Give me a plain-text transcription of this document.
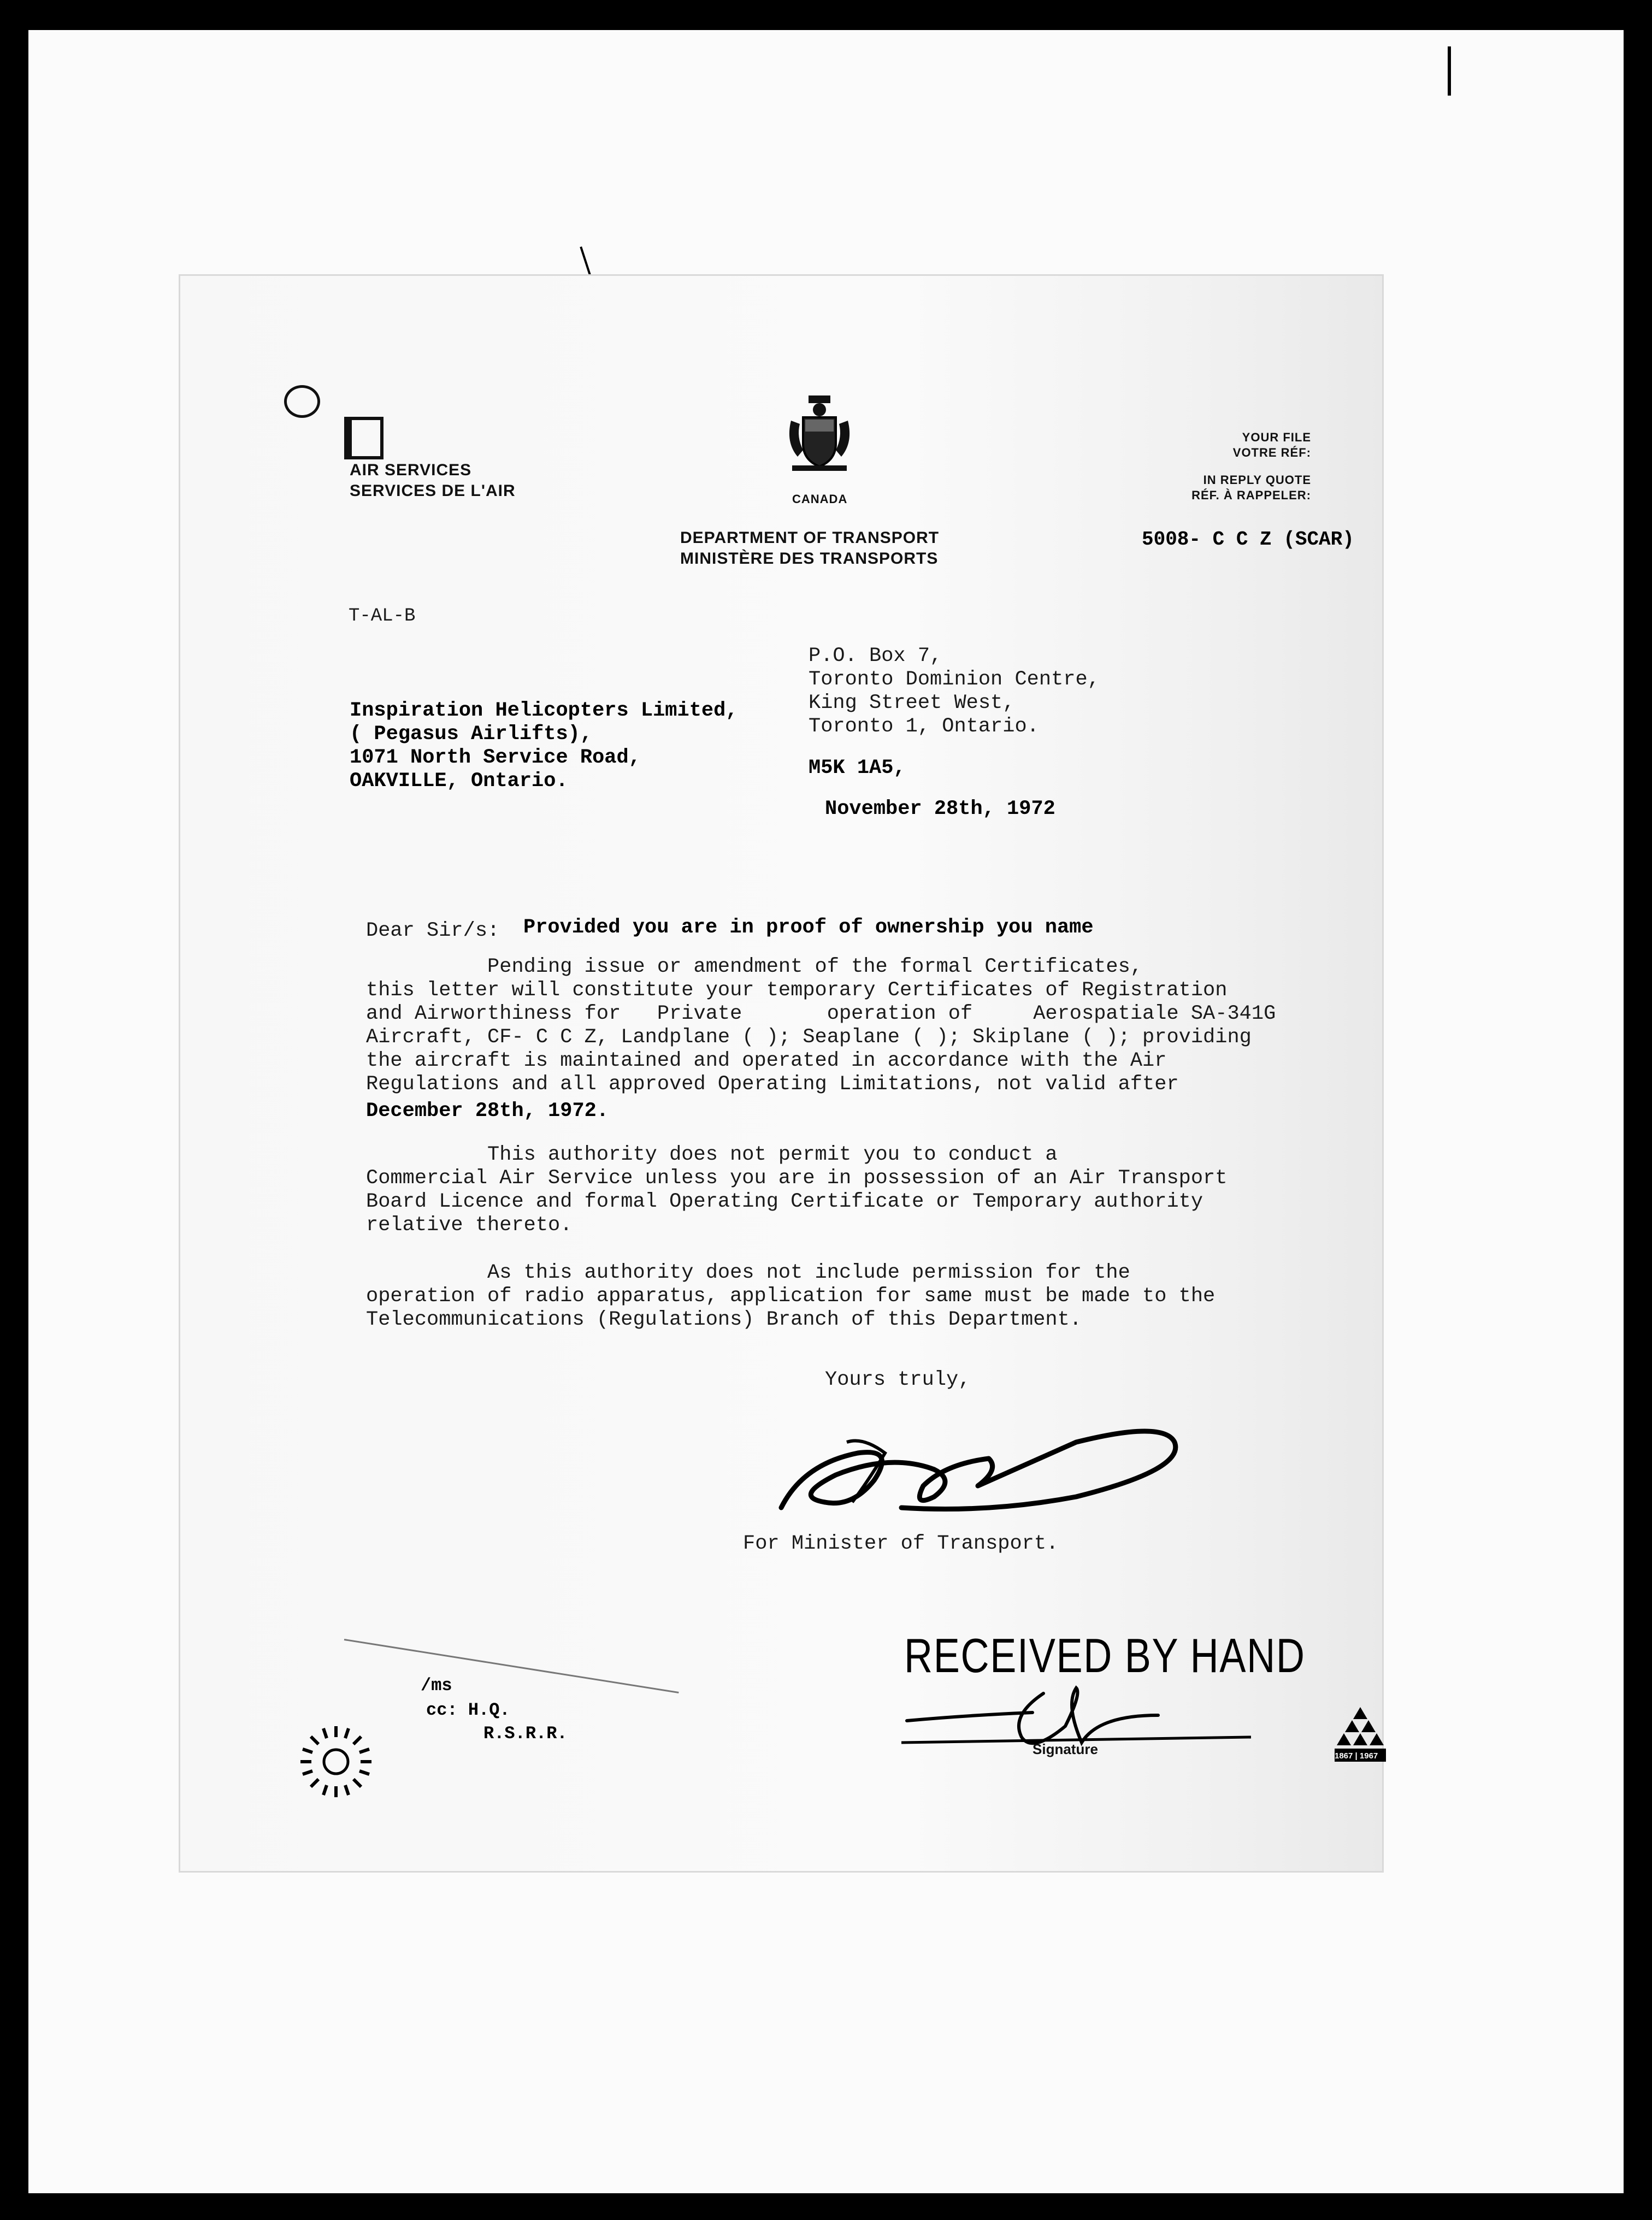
AIR SERVICES
SERVICES DE L'AIR	CANADA
DEPARTMENT OF TRANSPORT
MINISTÈRE DES TRANSPORTS
YOUR FILE
VOTRE RÉF:
IN REPLY QUOTE
RÉF. À RAPPELER:
5008- C C Z (SCAR)
T-AL-B
P.O. Box 7,
Toronto Dominion Centre,
King Street West,
Toronto 1, Ontario.
M5K 1A5,
November 28th, 1972
Inspiration Helicopters Limited,
( Pegasus Airlifts),
1071 North Service Road,
OAKVILLE, Ontario.
Dear Sir/s: Provided you are in proof of ownership you name
Pending issue or amendment of the formal Certificates,
this letter will constitute your temporary Certificates of Registration
and Airworthiness for   Private       operation of     Aerospatiale SA-341G
Aircraft, CF- C C Z, Landplane ( ); Seaplane ( ); Skiplane ( ); providing
the aircraft is maintained and operated in accordance with the Air
Regulations and all approved Operating Limitations, not valid after
December 28th, 1972.
This authority does not permit you to conduct a
Commercial Air Service unless you are in possession of an Air Transport
Board Licence and formal Operating Certificate or Temporary authority
relative thereto.
As this authority does not include permission for the
operation of radio apparatus, application for same must be made to the
Telecommunications (Regulations) Branch of this Department.
Yours truly,
For Minister of Transport.
/ms
cc: H.Q.
R.S.R.R.
RECEIVED BY HAND
Signature	1867 | 1967
